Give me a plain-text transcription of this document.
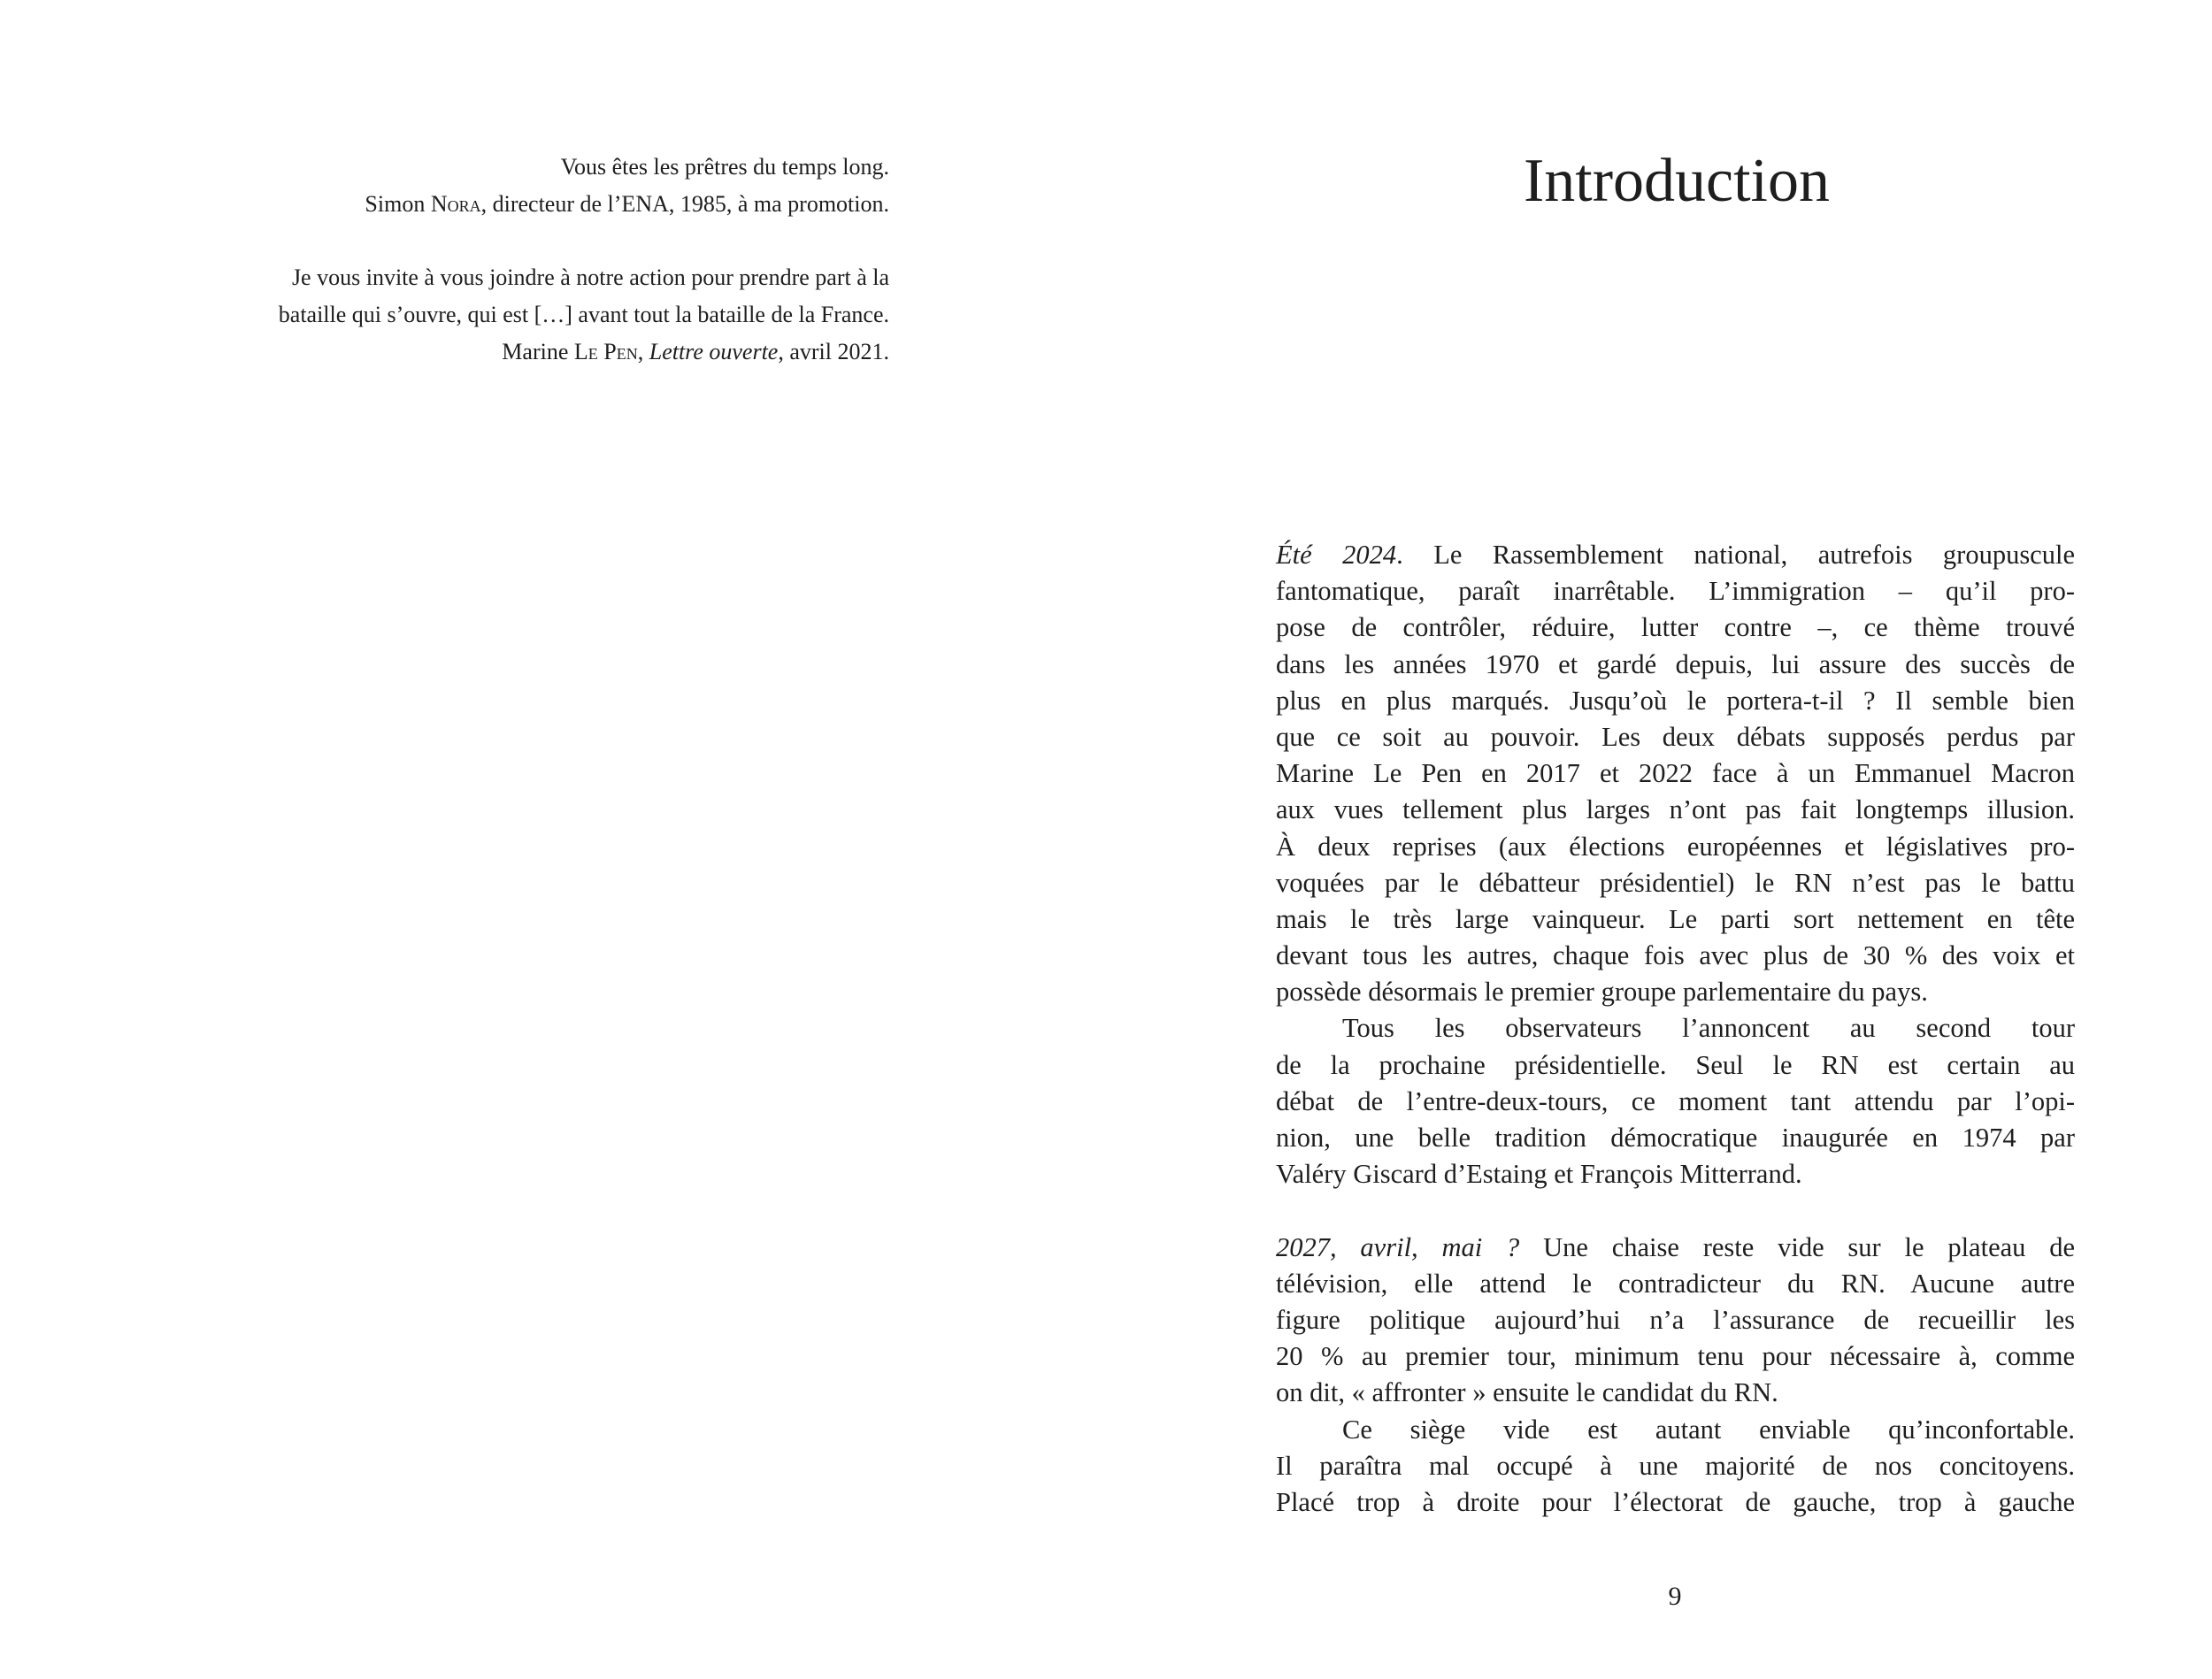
Vous êtes les prêtres du temps long.
Simon Nora, directeur de l’ENA, 1985, à ma promotion.
Je vous invite à vous joindre à notre action pour prendre part à la
bataille qui s’ouvre, qui est […] avant tout la bataille de la France.
Marine Le Pen, Lettre ouverte, avril 2021.
Introduction
Été 2024. Le Rassemblement national, autrefois groupuscule
fantomatique, paraît inarrêtable. L’immigration – qu’il pro-
pose de contrôler, réduire, lutter contre –, ce thème trouvé
dans les années 1970 et gardé depuis, lui assure des succès de
plus en plus marqués. Jusqu’où le portera-t-il ? Il semble bien
que ce soit au pouvoir. Les deux débats supposés perdus par
Marine Le Pen en 2017 et 2022 face à un Emmanuel Macron
aux vues tellement plus larges n’ont pas fait longtemps illusion.
À deux reprises (aux élections européennes et législatives pro-
voquées par le débatteur présidentiel) le RN n’est pas le battu
mais le très large vainqueur. Le parti sort nettement en tête
devant tous les autres, chaque fois avec plus de 30 % des voix et
possède désormais le premier groupe parlementaire du pays.
Tous les observateurs l’annoncent au second tour
de la prochaine présidentielle. Seul le RN est certain au
débat de l’entre-deux-tours, ce moment tant attendu par l’opi-
nion, une belle tradition démocratique inaugurée en 1974 par
Valéry Giscard d’Estaing et François Mitterrand.
2027, avril, mai ? Une chaise reste vide sur le plateau de
télévision, elle attend le contradicteur du RN. Aucune autre
figure politique aujourd’hui n’a l’assurance de recueillir les
20 % au premier tour, minimum tenu pour nécessaire à, comme
on dit, « affronter » ensuite le candidat du RN.
Ce siège vide est autant enviable qu’inconfortable.
Il paraîtra mal occupé à une majorité de nos concitoyens.
Placé trop à droite pour l’électorat de gauche, trop à gauche
9
